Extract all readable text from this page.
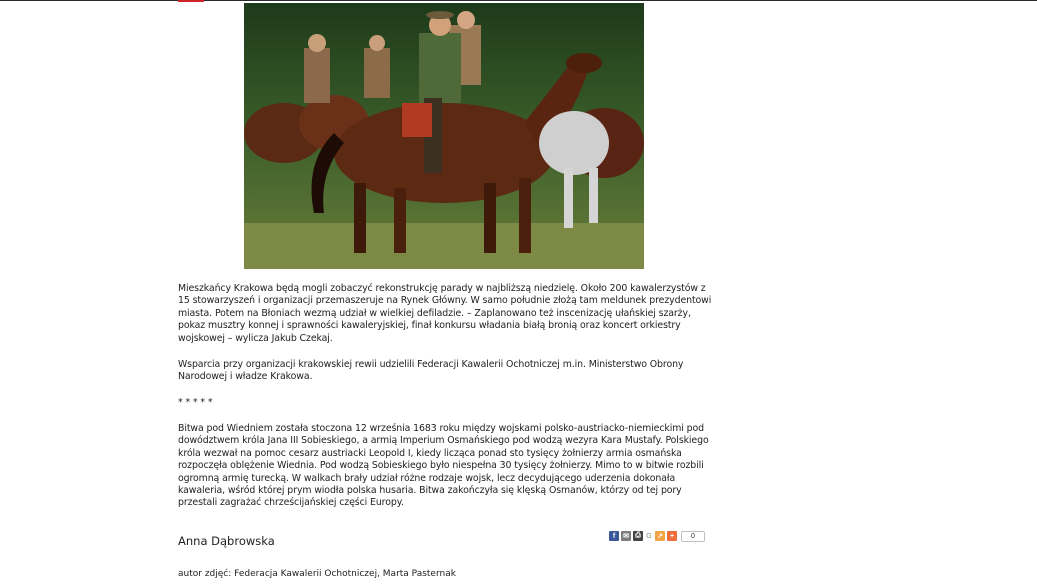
Mieszkańcy Krakowa będą mogli zobaczyć rekonstrukcję parady w najbliższą niedzielę. Około 200 kawalerzystów z 15 stowarzyszeń i organizacji przemaszeruje na Rynek Główny. W samo południe złożą tam meldunek prezydentowi miasta. Potem na Błoniach wezmą udział w wielkiej defiladzie. – Zaplanowano też inscenizację ułańskiej szarży, pokaz musztry konnej i sprawności kawaleryjskiej, finał konkursu władania białą bronią oraz koncert orkiestry wojskowej – wylicza Jakub Czekaj.

Wsparcia przy organizacji krakowskiej rewii udzielili Federacji Kawalerii Ochotniczej m.in. Ministerstwo Obrony Narodowej i władze Krakowa.

* * * * *

Bitwa pod Wiedniem została stoczona 12 września 1683 roku między wojskami polsko-austriacko-niemieckimi pod dowództwem króla Jana III Sobieskiego, a armią Imperium Osmańskiego pod wodzą wezyra Kara Mustafy. Polskiego króla wezwał na pomoc cesarz austriacki Leopold I, kiedy licząca ponad sto tysięcy żołnierzy armia osmańska rozpoczęła oblężenie Wiednia. Pod wodzą Sobieskiego było niespełna 30 tysięcy żołnierzy. Mimo to w bitwie rozbili ogromną armię turecką. W walkach brały udział różne rodzaje wojsk, lecz decydującego uderzenia dokonała kawaleria, wśród której prym wiodła polska husaria. Bitwa zakończyła się klęską Osmanów, którzy od tej pory przestali zagrażać chrześcijańskiej części Europy.

Anna Dąbrowska	f	✉ ⎙ G ↗	+	0
autor zdjęć: Federacja Kawalerii Ochotniczej, Marta Pasternak
